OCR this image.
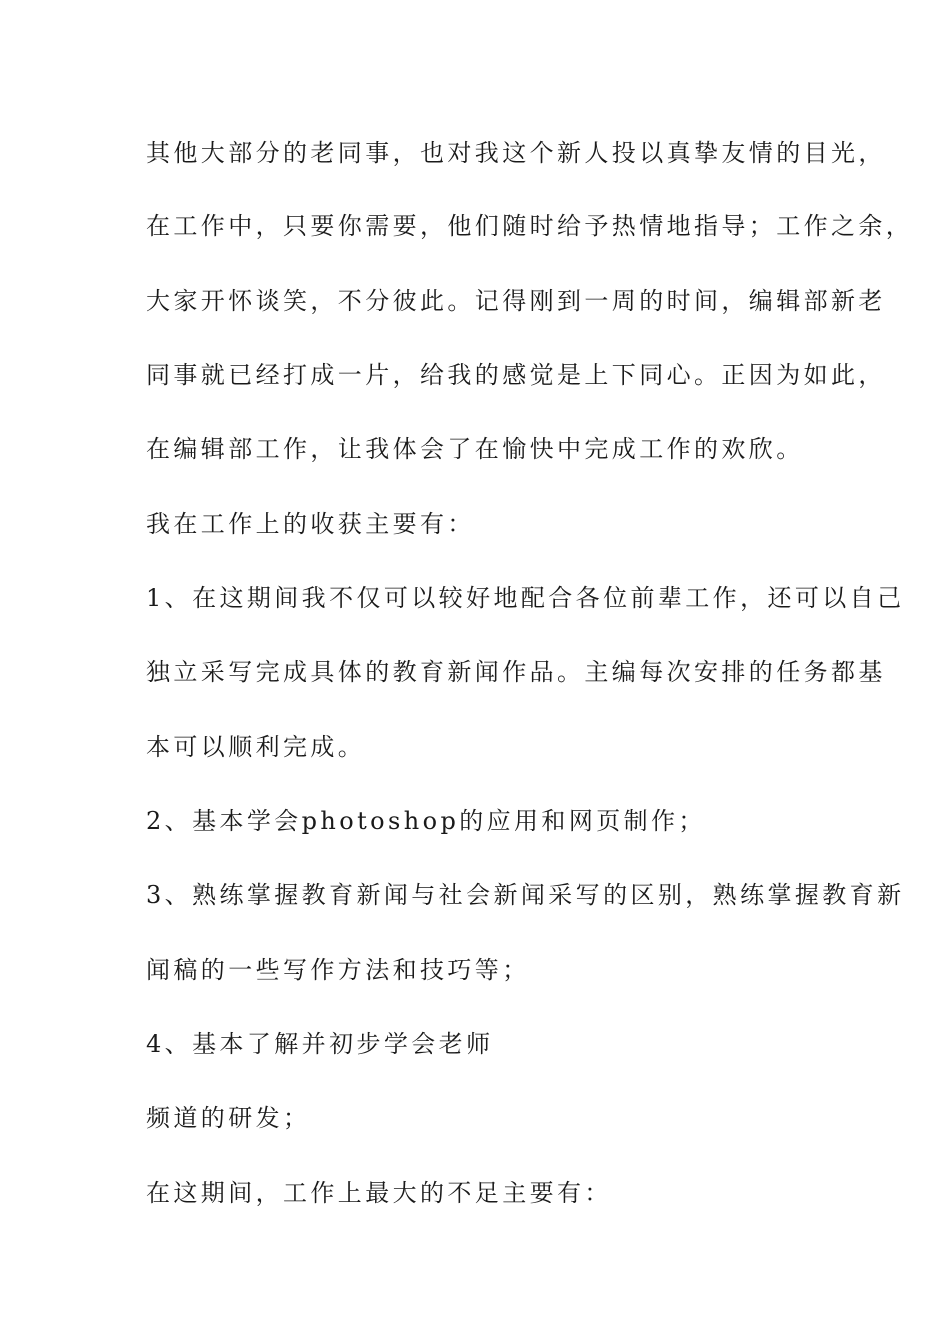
其他大部分的老同事，也对我这个新人投以真挚友情的目光，
在工作中，只要你需要，他们随时给予热情地指导；工作之余，
大家开怀谈笑，不分彼此。记得刚到一周的时间，编辑部新老
同事就已经打成一片，给我的感觉是上下同心。正因为如此，
在编辑部工作，让我体会了在愉快中完成工作的欢欣。
我在工作上的收获主要有：
1、在这期间我不仅可以较好地配合各位前辈工作，还可以自己
独立采写完成具体的教育新闻作品。主编每次安排的任务都基
本可以顺利完成。
2、基本学会photoshop的应用和网页制作；
3、熟练掌握教育新闻与社会新闻采写的区别，熟练掌握教育新
闻稿的一些写作方法和技巧等；
4、基本了解并初步学会老师
频道的研发；
在这期间，工作上最大的不足主要有：
